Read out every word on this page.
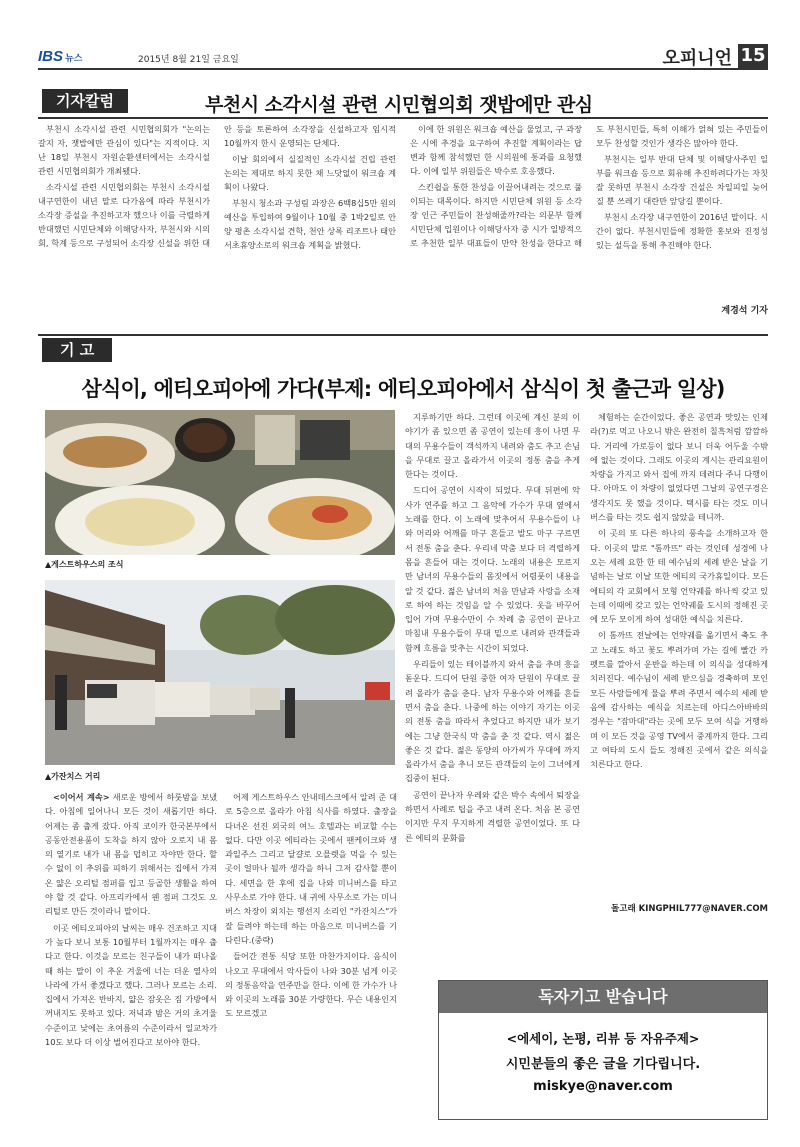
IBS 뉴스	2015년 8월 21일 금요일	오피니언 15
기자칼럼	부천시 소각시설 관련 시민협의회 잿밥에만 관심

부천시 소각시설 관련 시민협의회가 "논의는 갈지 자, 잿밥에만 관심이 있다"는 지적이다. 지난 18일 부천시 자원순환센터에서는 소각시설 관련 시민협의회가 개최됐다.

소각시설 관련 시민협의회는 부천시 소각시설 내구연한이 내년 말로 다가옴에 따라 부천시가 소각장 증설을 추진하고자 했으나 이를 극렬하게 반대했던 시민단체와 이해당사자, 부천시와 시의회, 학계 등으로 구성되어 소각장 신설을 위한 대안 등을 토론하여 소각장을 신설하고자 임시적 10월까지 한시 운영되는 단체다.

이날 회의에서 실질적인 소각시설 건립 관련 논의는 제대로 하지 못한 채 느닷없이 워크숍 계획이 나왔다.

부천시 청소과 구성림 과장은 6백8십5만 원의 예산을 투입하여 9월이나 10월 중 1박2일로 안양 평촌 소각시설 견학, 천안 상록 리조트나 태안 서초휴양소로의 워크숍 계획을 밝혔다.

이에 한 위원은 워크숍 예산을 물었고, 구 과장은 시에 추경을 요구하여 추진할 계획이라는 답변과 함께 참석했던 한 시의원에 통과를 요청했다. 이에 일부 위원들은 박수로 호응했다.

스킨쉽을 통한 찬성을 이끌어내려는 것으로 풀이되는 대목이다. 하지만 시민단체 위원 등 소각장 인근 주민들이 찬성해줄까?라는 의문부 함께 시민단체 입원이나 이해당사자 중 시가 일방적으로 추천한 일부 대표들이 만약 찬성을 한다고 해도 부천시민들, 특히 이해가 얽혀 있는 주민들이 모두 찬성할 것인가 생각은 많아야 한다.

부천시는 일부 반대 단체 및 이해당사주민 일부를 워크숍 등으로 회유해 추진하려다가는 자칫 잘 못하면 부천시 소각장 건설은 차일피일 늦어질 뿐 쓰레기 대란만 앞당길 뿐이다.

부천시 소각장 내구연한이 2016년 말이다. 시간이 없다. 부천시민들에 정확한 홍보와 진정성 있는 설득을 통해 추진해야 한다.

계경석 기자
기 고
삼식이, 에티오피아에 가다(부제: 에티오피아에서 삼식이 첫 출근과 일상)
▲게스트하우스의 조식
▲가잔치스 거리

<이어서 계속> 새로운 방에서 하룻밤을 보냈다. 아침에 일어나니 모든 것이 새롭기만 하다. 어제는 좀 춥게 잤다. 아직 코이카 한국본부에서 공동안전용품이 도착을 하지 않아 오로지 내 몸의 열기로 내가 내 몸을 덥히고 자야만 한다. 할 수 없이 이 추위를 피하기 위해서는 집에서 가져온 얇은 오리털 점퍼를 입고 등골한 생활을 하여야 할 것 같다. 아프리카에서 웬 점퍼 그것도 오리털로 만든 것이라니 말이다.

이곳 에티오피아의 날씨는 매우 건조하고 지대가 높다 보니 보통 10월부터 1월까지는 매우 춥다고 한다. 이것을 모르는 친구들이 내가 떠나올 때 하는 말이 이 추운 겨울에 너는 더운 열사의 나라에 가서 좋겠다고 했다. 그러나 모르는 소리. 집에서 가져온 반바지, 얇은 잠옷은 짐 가방에서 꺼내지도 못하고 있다. 저녁과 밤은 거의 초겨울 수준이고 낮에는 초여름의 수준이라서 일교차가 10도 보다 더 이상 벌어진다고 보아야 한다.

어제 게스트하우스 안내데스크에서 알려 준 대로 5층으로 올라가 아침 식사를 하였다. 출장을 다녀온 선진 외국의 여느 호텔과는 비교할 수는 없다. 다만 이곳 에티라는 곳에서 팬케이크와 생과일주스 그리고 달걀로 오믈렛을 먹을 수 있는 곳이 얼마나 될까 생각을 하니 그저 감사할 뿐이다. 세면을 한 후에 집을 나와 미니버스를 타고 사무소로 가야 한다. 내 귀에 사무소로 가는 미니버스 차장이 외치는 행선지 소리인 "카잔치스"가 잘 들려야 하는데 하는 마음으로 미니버스를 기다린다.(중략)

들어간 전통 식당 또한 마찬가지이다. 음식이 나오고 무대에서 악사들이 나와 30분 넘게 이곳의 정통음악을 연주만을 한다. 이에 한 가수가 나와 이곳의 노래를 30분 가량한다. 무슨 내용인지도 모르겠고

지루하기만 하다. 그런데 이곳에 계신 분의 이야기가 좀 있으면 좀 공연이 있는데 흥이 나면 무대의 무용수들이 객석까지 내려와 춤도 추고 손님을 무대로 끌고 올라가서 이곳의 정통 춤을 추게 한다는 것이다.

드디어 공연이 시작이 되었다. 무대 뒤편에 악사가 연주를 하고 그 음악에 가수가 무대 옆에서 노래를 한다. 이 노래에 맞추어서 무용수들이 나와 머리와 어깨를 마구 흔들고 발도 마구 구르면서 전통 춤을 춘다. 우리네 막춤 보다 더 격렬하게 몸을 흔들어 대는 것이다. 노래의 내용은 모르지만 남녀의 무용수들의 몸짓에서 어렴풋이 내용을 알 것 같다. 젊은 남녀의 처음 만남과 사랑을 소재로 하여 하는 것임을 알 수 있었다. 옷을 바꾸어 입어 가며 무용수만이 수 차례 춤 공연이 끝나고 마침내 무용수들이 무대 밑으로 내려와 관객들과 함께 흐름을 맞추는 시간이 되었다.

우리들이 있는 테이블까지 와서 춤을 추며 흥을 돋운다. 드디어 단원 중한 여자 단원이 무대로 끌려 올라가 춤을 춘다. 남자 무용수와 어깨를 흔들면서 춤을 춘다. 나중에 하는 이야기 자기는 이곳의 전통 춤을 따라서 추었다고 하지만 내가 보기에는 그냥 한국식 막 춤을 춘 것 같다. 역시 젊은 좋은 것 같다. 젊은 동양의 아가씨가 무대에 까지 올라가서 춤을 추니 모든 관객들의 눈이 그녀에게 집중이 된다.

공연이 끝나자 우레와 같은 박수 속에서 퇴장을 하면서 사례로 팁을 주고 내려 온다. 처음 본 공연이지만 무지 무지하게 격렬한 공연이었다. 또 다른 에티의 문화를

체험하는 순간이었다. 좋은 공연과 맛있는 인제라(?)로 먹고 나오니 밖은 완전히 칠흑처럼 깜깜하다. 거리에 가로등이 없다 보니 더욱 어두울 수밖에 없는 것이다. 그래도 이곳의 계시는 관리요원이 차량을 가지고 와서 집에 까지 데려다 주니 다행이다. 아마도 이 차량이 없었다면 그날의 공연구경은 생각지도 못 했을 것이다. 택시를 타는 것도 미니버스를 타는 것도 쉽지 않았을 테니까.

이 곳의 또 다른 하나의 풍속을 소개하고자 한다. 이곳의 말로 "톰까뜨" 라는 것인데 성경에 나오는 세례 요한 한 테 예수님의 세례 받은 날을 기념하는 날로 이날 또한 에티의 국가휴일이다. 모든 에티의 각 교회에서 모형 언약궤를 하나씩 갖고 있는데 이때에 갖고 있는 언약궤를 도시의 정해진 곳에 모두 모이게 하여 성대한 예식을 치른다.

이 톰까뜨 전날에는 언약궤를 옮기면서 축도 추고 노래도 하고 꽃도 뿌려가며 가는 길에 빨간 카펫트를 깔아서 운반을 하는데 이 의식을 성대하게 치러진다. 예수님이 세례 받으심을 경축하며 모인 모든 사람들에게 물을 뿌려 주면서 예수의 세례 받음에 감사하는 예식을 치르는데 아디스아바바의 경우는 "잠마대"라는 곳에 모두 모여 식을 거행하며 이 모든 것을 공영 TV에서 중계까지 한다. 그리고 여타의 도시 들도 정해진 곳에서 같은 의식을 치른다고 한다.

돌고래 KINGPHIL777@NAVER.COM
독자기고 받습니다
<에세이, 논평, 리뷰 등 자유주제>
시민분들의 좋은 글을 기다립니다.
miskye@naver.com
